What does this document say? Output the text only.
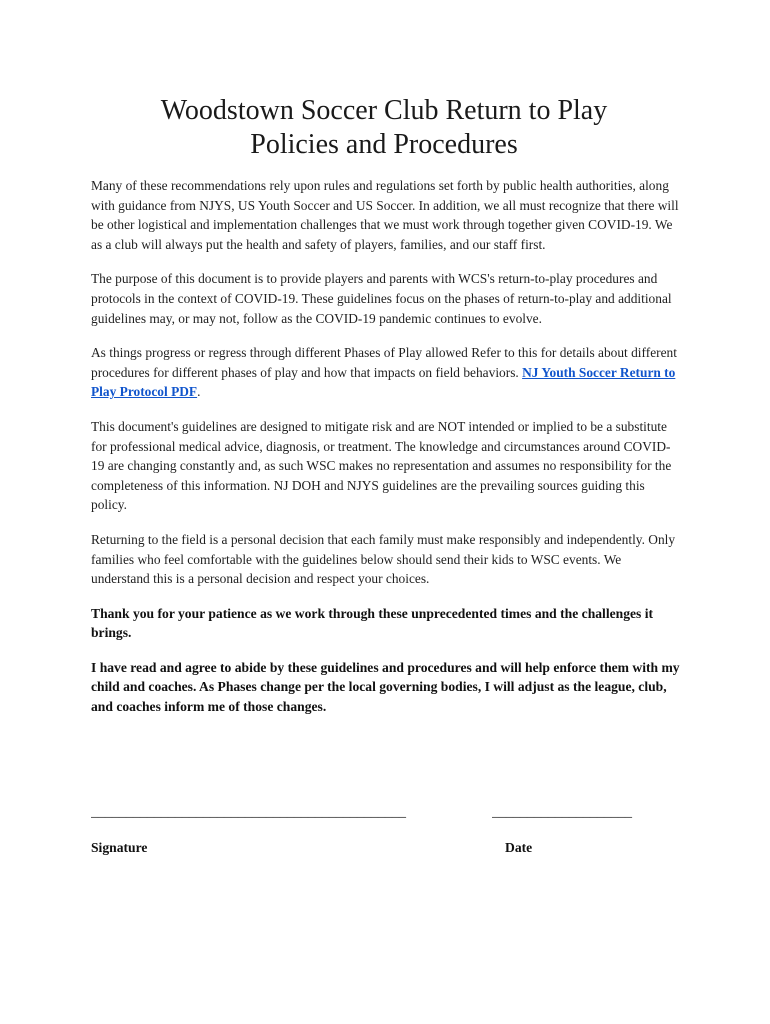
Woodstown Soccer Club Return to Play
Policies and Procedures

Many of these recommendations rely upon rules and regulations set forth by public health authorities, along with guidance from NJYS, US Youth Soccer and US Soccer. In addition, we all must recognize that there will be other logistical and implementation challenges that we must work through together given COVID-19. We as a club will always put the health and safety of players, families, and our staff first.

The purpose of this document is to provide players and parents with WCS's return-to-play procedures and protocols in the context of COVID-19. These guidelines focus on the phases of return-to-play and additional guidelines may, or may not, follow as the COVID-19 pandemic continues to evolve.

As things progress or regress through different Phases of Play allowed Refer to this for details about different procedures for different phases of play and how that impacts on field behaviors. NJ Youth Soccer Return to Play Protocol PDF.

This document's guidelines are designed to mitigate risk and are NOT intended or implied to be a substitute for professional medical advice, diagnosis, or treatment. The knowledge and circumstances around COVID-19 are changing constantly and, as such WSC makes no representation and assumes no responsibility for the completeness of this information. NJ DOH and NJYS guidelines are the prevailing sources guiding this policy.

Returning to the field is a personal decision that each family must make responsibly and independently. Only families who feel comfortable with the guidelines below should send their kids to WSC events. We understand this is a personal decision and respect your choices.

Thank you for your patience as we work through these unprecedented times and the challenges it brings.

I have read and agree to abide by these guidelines and procedures and will help enforce them with my child and coaches. As Phases change per the local governing bodies, I will adjust as the league, club, and coaches inform me of those changes.

_____________________________________________	____________________
Signature	Date
